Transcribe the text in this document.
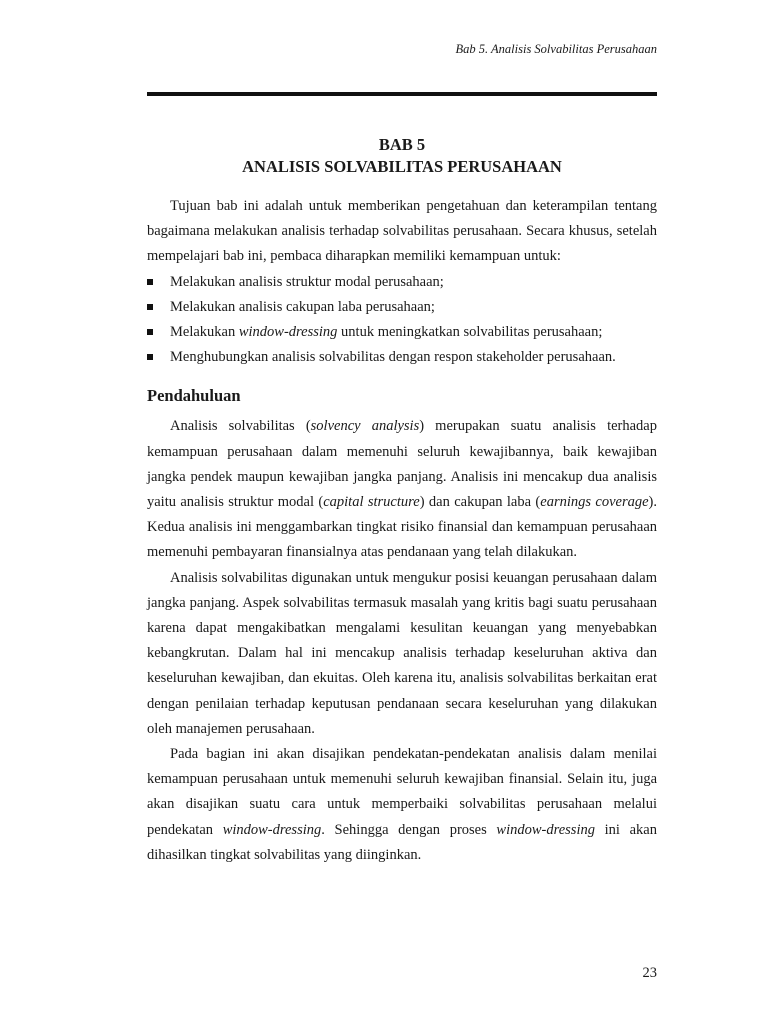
Bab 5. Analisis Solvabilitas Perusahaan
BAB 5
ANALISIS SOLVABILITAS PERUSAHAAN

Tujuan bab ini adalah untuk memberikan pengetahuan dan keterampilan tentang bagaimana melakukan analisis terhadap solvabilitas perusahaan. Secara khusus, setelah mempelajari bab ini, pembaca diharapkan memiliki kemampuan untuk:

Melakukan analisis struktur modal perusahaan;
Melakukan analisis cakupan laba perusahaan;
Melakukan window-dressing untuk meningkatkan solvabilitas perusahaan;
Menghubungkan analisis solvabilitas dengan respon stakeholder perusahaan.
Pendahuluan

Analisis solvabilitas (solvency analysis) merupakan suatu analisis terhadap kemampuan perusahaan dalam memenuhi seluruh kewajibannya, baik kewajiban jangka pendek maupun kewajiban jangka panjang. Analisis ini mencakup dua analisis yaitu analisis struktur modal (capital structure) dan cakupan laba (earnings coverage). Kedua analisis ini menggambarkan tingkat risiko finansial dan kemampuan perusahaan memenuhi pembayaran finansialnya atas pendanaan yang telah dilakukan.

Analisis solvabilitas digunakan untuk mengukur posisi keuangan perusahaan dalam jangka panjang. Aspek solvabilitas termasuk masalah yang kritis bagi suatu perusahaan karena dapat mengakibatkan mengalami kesulitan keuangan yang menyebabkan kebangkrutan. Dalam hal ini mencakup analisis terhadap keseluruhan aktiva dan keseluruhan kewajiban, dan ekuitas. Oleh karena itu, analisis solvabilitas berkaitan erat dengan penilaian terhadap keputusan pendanaan secara keseluruhan yang dilakukan oleh manajemen perusahaan.

Pada bagian ini akan disajikan pendekatan-pendekatan analisis dalam menilai kemampuan perusahaan untuk memenuhi seluruh kewajiban finansial. Selain itu, juga akan disajikan suatu cara untuk memperbaiki solvabilitas perusahaan melalui pendekatan window-dressing. Sehingga dengan proses window-dressing ini akan dihasilkan tingkat solvabilitas yang diinginkan.

23
